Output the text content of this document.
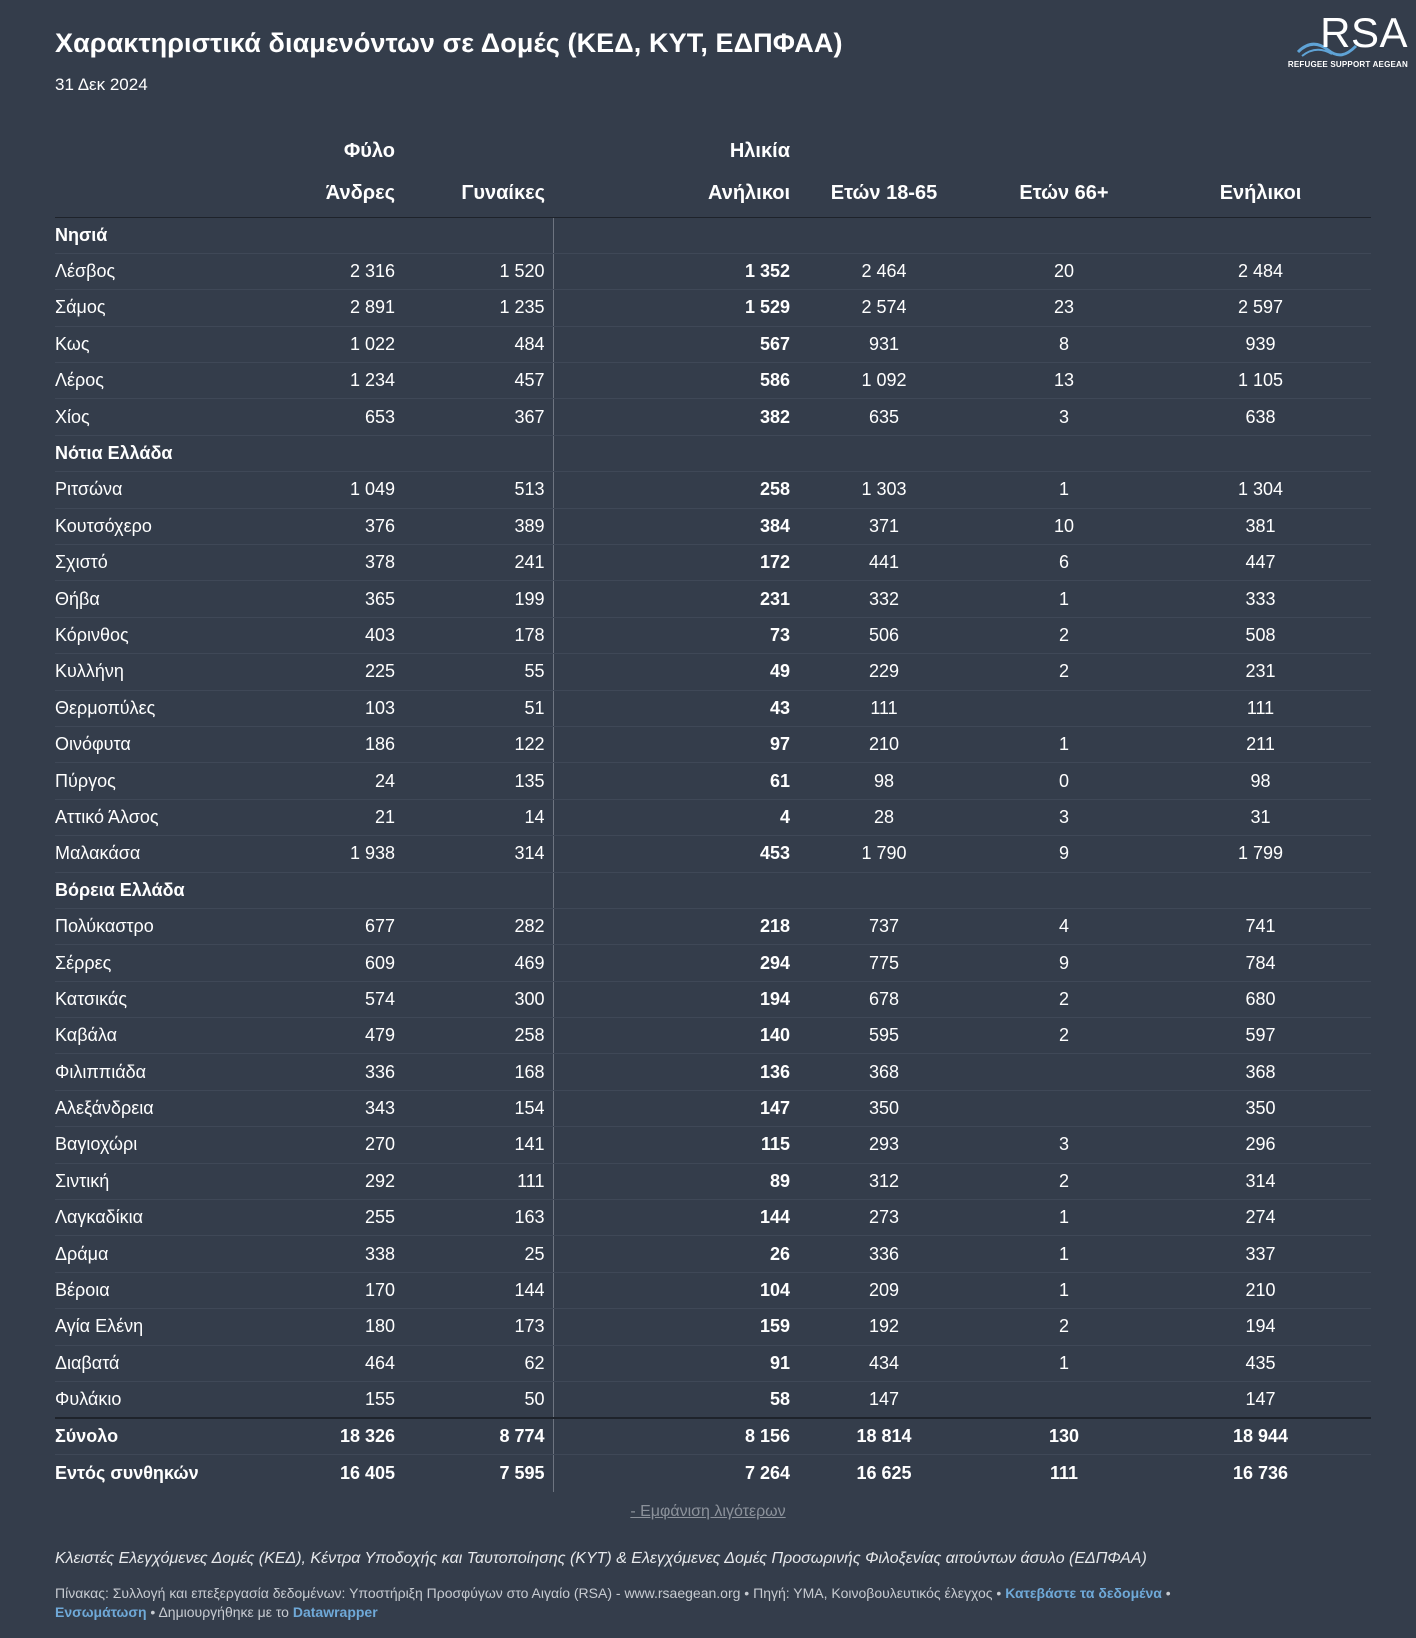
Χαρακτηριστικά διαμενόντων σε Δομές (ΚΕΔ, ΚΥΤ, ΕΔΠΦΑΑ)
31 Δεκ 2024
RSA
REFUGEE SUPPORT AEGEAN
	Φύλο		Ηλικία			
	Άνδρες	Γυναίκες	Ανήλικοι	Ετών 18-65	Ετών 66+	Ενήλικοι
Νησιά						
Λέσβος	2 316	1 520	1 352	2 464	20	2 484
Σάμος	2 891	1 235	1 529	2 574	23	2 597
Κως	1 022	484	567	931	8	939
Λέρος	1 234	457	586	1 092	13	1 105
Χίος	653	367	382	635	3	638
Νότια Ελλάδα						
Ριτσώνα	1 049	513	258	1 303	1	1 304
Κουτσόχερο	376	389	384	371	10	381
Σχιστό	378	241	172	441	6	447
Θήβα	365	199	231	332	1	333
Κόρινθος	403	178	73	506	2	508
Κυλλήνη	225	55	49	229	2	231
Θερμοπύλες	103	51	43	111		111
Οινόφυτα	186	122	97	210	1	211
Πύργος	24	135	61	98	0	98
Αττικό Άλσος	21	14	4	28	3	31
Μαλακάσα	1 938	314	453	1 790	9	1 799
Βόρεια Ελλάδα						
Πολύκαστρο	677	282	218	737	4	741
Σέρρες	609	469	294	775	9	784
Κατσικάς	574	300	194	678	2	680
Καβάλα	479	258	140	595	2	597
Φιλιππιάδα	336	168	136	368		368
Αλεξάνδρεια	343	154	147	350		350
Βαγιοχώρι	270	141	115	293	3	296
Σιντική	292	111	89	312	2	314
Λαγκαδίκια	255	163	144	273	1	274
Δράμα	338	25	26	336	1	337
Βέροια	170	144	104	209	1	210
Αγία Ελένη	180	173	159	192	2	194
Διαβατά	464	62	91	434	1	435
Φυλάκιο	155	50	58	147		147
Σύνολο	18 326	8 774	8 156	18 814	130	18 944
Εντός συνθηκών	16 405	7 595	7 264	16 625	111	16 736
- Εμφάνιση λιγότερων
Κλειστές Ελεγχόμενες Δομές (ΚΕΔ), Κέντρα Υποδοχής και Ταυτοποίησης (ΚΥΤ) & Ελεγχόμενες Δομές Προσωρινής Φιλοξενίας αιτούντων άσυλο (ΕΔΠΦΑΑ)
Πίνακας: Συλλογή και επεξεργασία δεδομένων: Υποστήριξη Προσφύγων στο Αιγαίο (RSA) - www.rsaegean.org • Πηγή: ΥΜΑ, Κοινοβουλευτικός έλεγχος • Κατεβάστε τα δεδομένα •
Ενσωμάτωση • Δημιουργήθηκε με το Datawrapper
